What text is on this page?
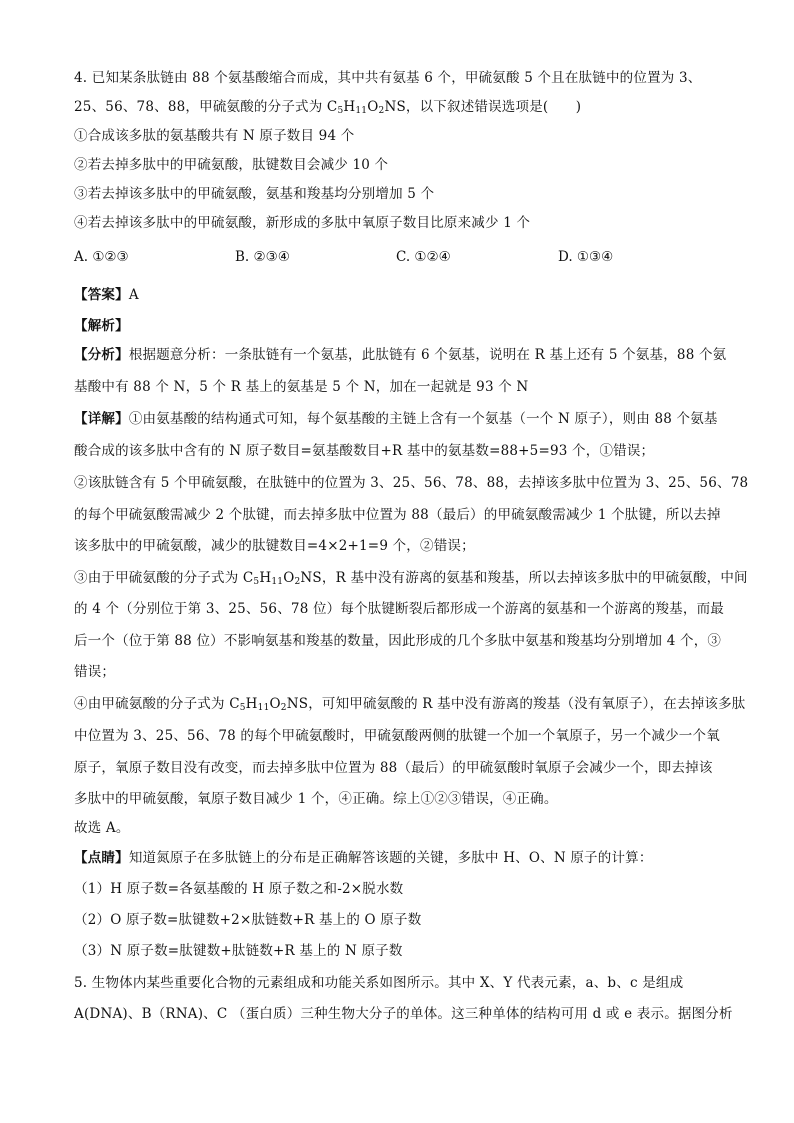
4. 已知某条肽链由 88 个氨基酸缩合而成，其中共有氨基 6 个，甲硫氨酸 5 个且在肽链中的位置为 3、
25、56、78、88，甲硫氨酸的分子式为 $C_5H_{11}O_2NS$，以下叙述错误选项是(　　)
①合成该多肽的氨基酸共有 N 原子数目 94 个
②若去掉多肽中的甲硫氨酸，肽键数目会减少 10 个
③若去掉该多肽中的甲硫氨酸，氨基和羧基均分别增加 5 个
④若去掉该多肽中的甲硫氨酸，新形成的多肽中氧原子数目比原来减少 1 个
A. ①②③	B. ②③④	C. ①②④	D. ①③④
【答案】A
【解析】
【分析】根据题意分析：一条肽链有一个氨基，此肽链有 6 个氨基，说明在 R 基上还有 5 个氨基，88 个氨
基酸中有 88 个 N，5 个 R 基上的氨基是 5 个 N，加在一起就是 93 个 N
【详解】①由氨基酸的结构通式可知，每个氨基酸的主链上含有一个氨基（一个 N 原子），则由 88 个氨基
酸合成的该多肽中含有的 N 原子数目=氨基酸数目+R 基中的氨基数=88+5=93 个，①错误；
②该肽链含有 5 个甲硫氨酸，在肽链中的位置为 3、25、56、78、88，去掉该多肽中位置为 3、25、56、78
的每个甲硫氨酸需减少 2 个肽键，而去掉多肽中位置为 88（最后）的甲硫氨酸需减少 1 个肽键，所以去掉
该多肽中的甲硫氨酸，减少的肽键数目=4×2+1=9 个，②错误；
③由于甲硫氨酸的分子式为 $C_5H_{11}O_2NS$，R 基中没有游离的氨基和羧基，所以去掉该多肽中的甲硫氨酸，中间
的 4 个（分别位于第 3、25、56、78 位）每个肽键断裂后都形成一个游离的氨基和一个游离的羧基，而最
后一个（位于第 88 位）不影响氨基和羧基的数量，因此形成的几个多肽中氨基和羧基均分别增加 4 个，③
错误；
④由甲硫氨酸的分子式为 $C_5H_{11}O_2NS$，可知甲硫氨酸的 R 基中没有游离的羧基（没有氧原子），在去掉该多肽
中位置为 3、25、56、78 的每个甲硫氨酸时，甲硫氨酸两侧的肽键一个加一个氧原子，另一个减少一个氧
原子，氧原子数目没有改变，而去掉多肽中位置为 88（最后）的甲硫氨酸时氧原子会减少一个，即去掉该
多肽中的甲硫氨酸，氧原子数目减少 1 个，④正确。综上①②③错误，④正确。
故选 A。
【点睛】知道氮原子在多肽链上的分布是正确解答该题的关键，多肽中 H、O、N 原子的计算：
（1）H 原子数=各氨基酸的 H 原子数之和-2×脱水数
（2）O 原子数=肽键数+2×肽链数+R 基上的 O 原子数
（3）N 原子数=肽键数+肽链数+R 基上的 N 原子数
5. 生物体内某些重要化合物的元素组成和功能关系如图所示。其中 X、Y 代表元素，a、b、c 是组成
A(DNA)、B（RNA)、C （蛋白质）三种生物大分子的单体。这三种单体的结构可用 d 或 e 表示。据图分析
